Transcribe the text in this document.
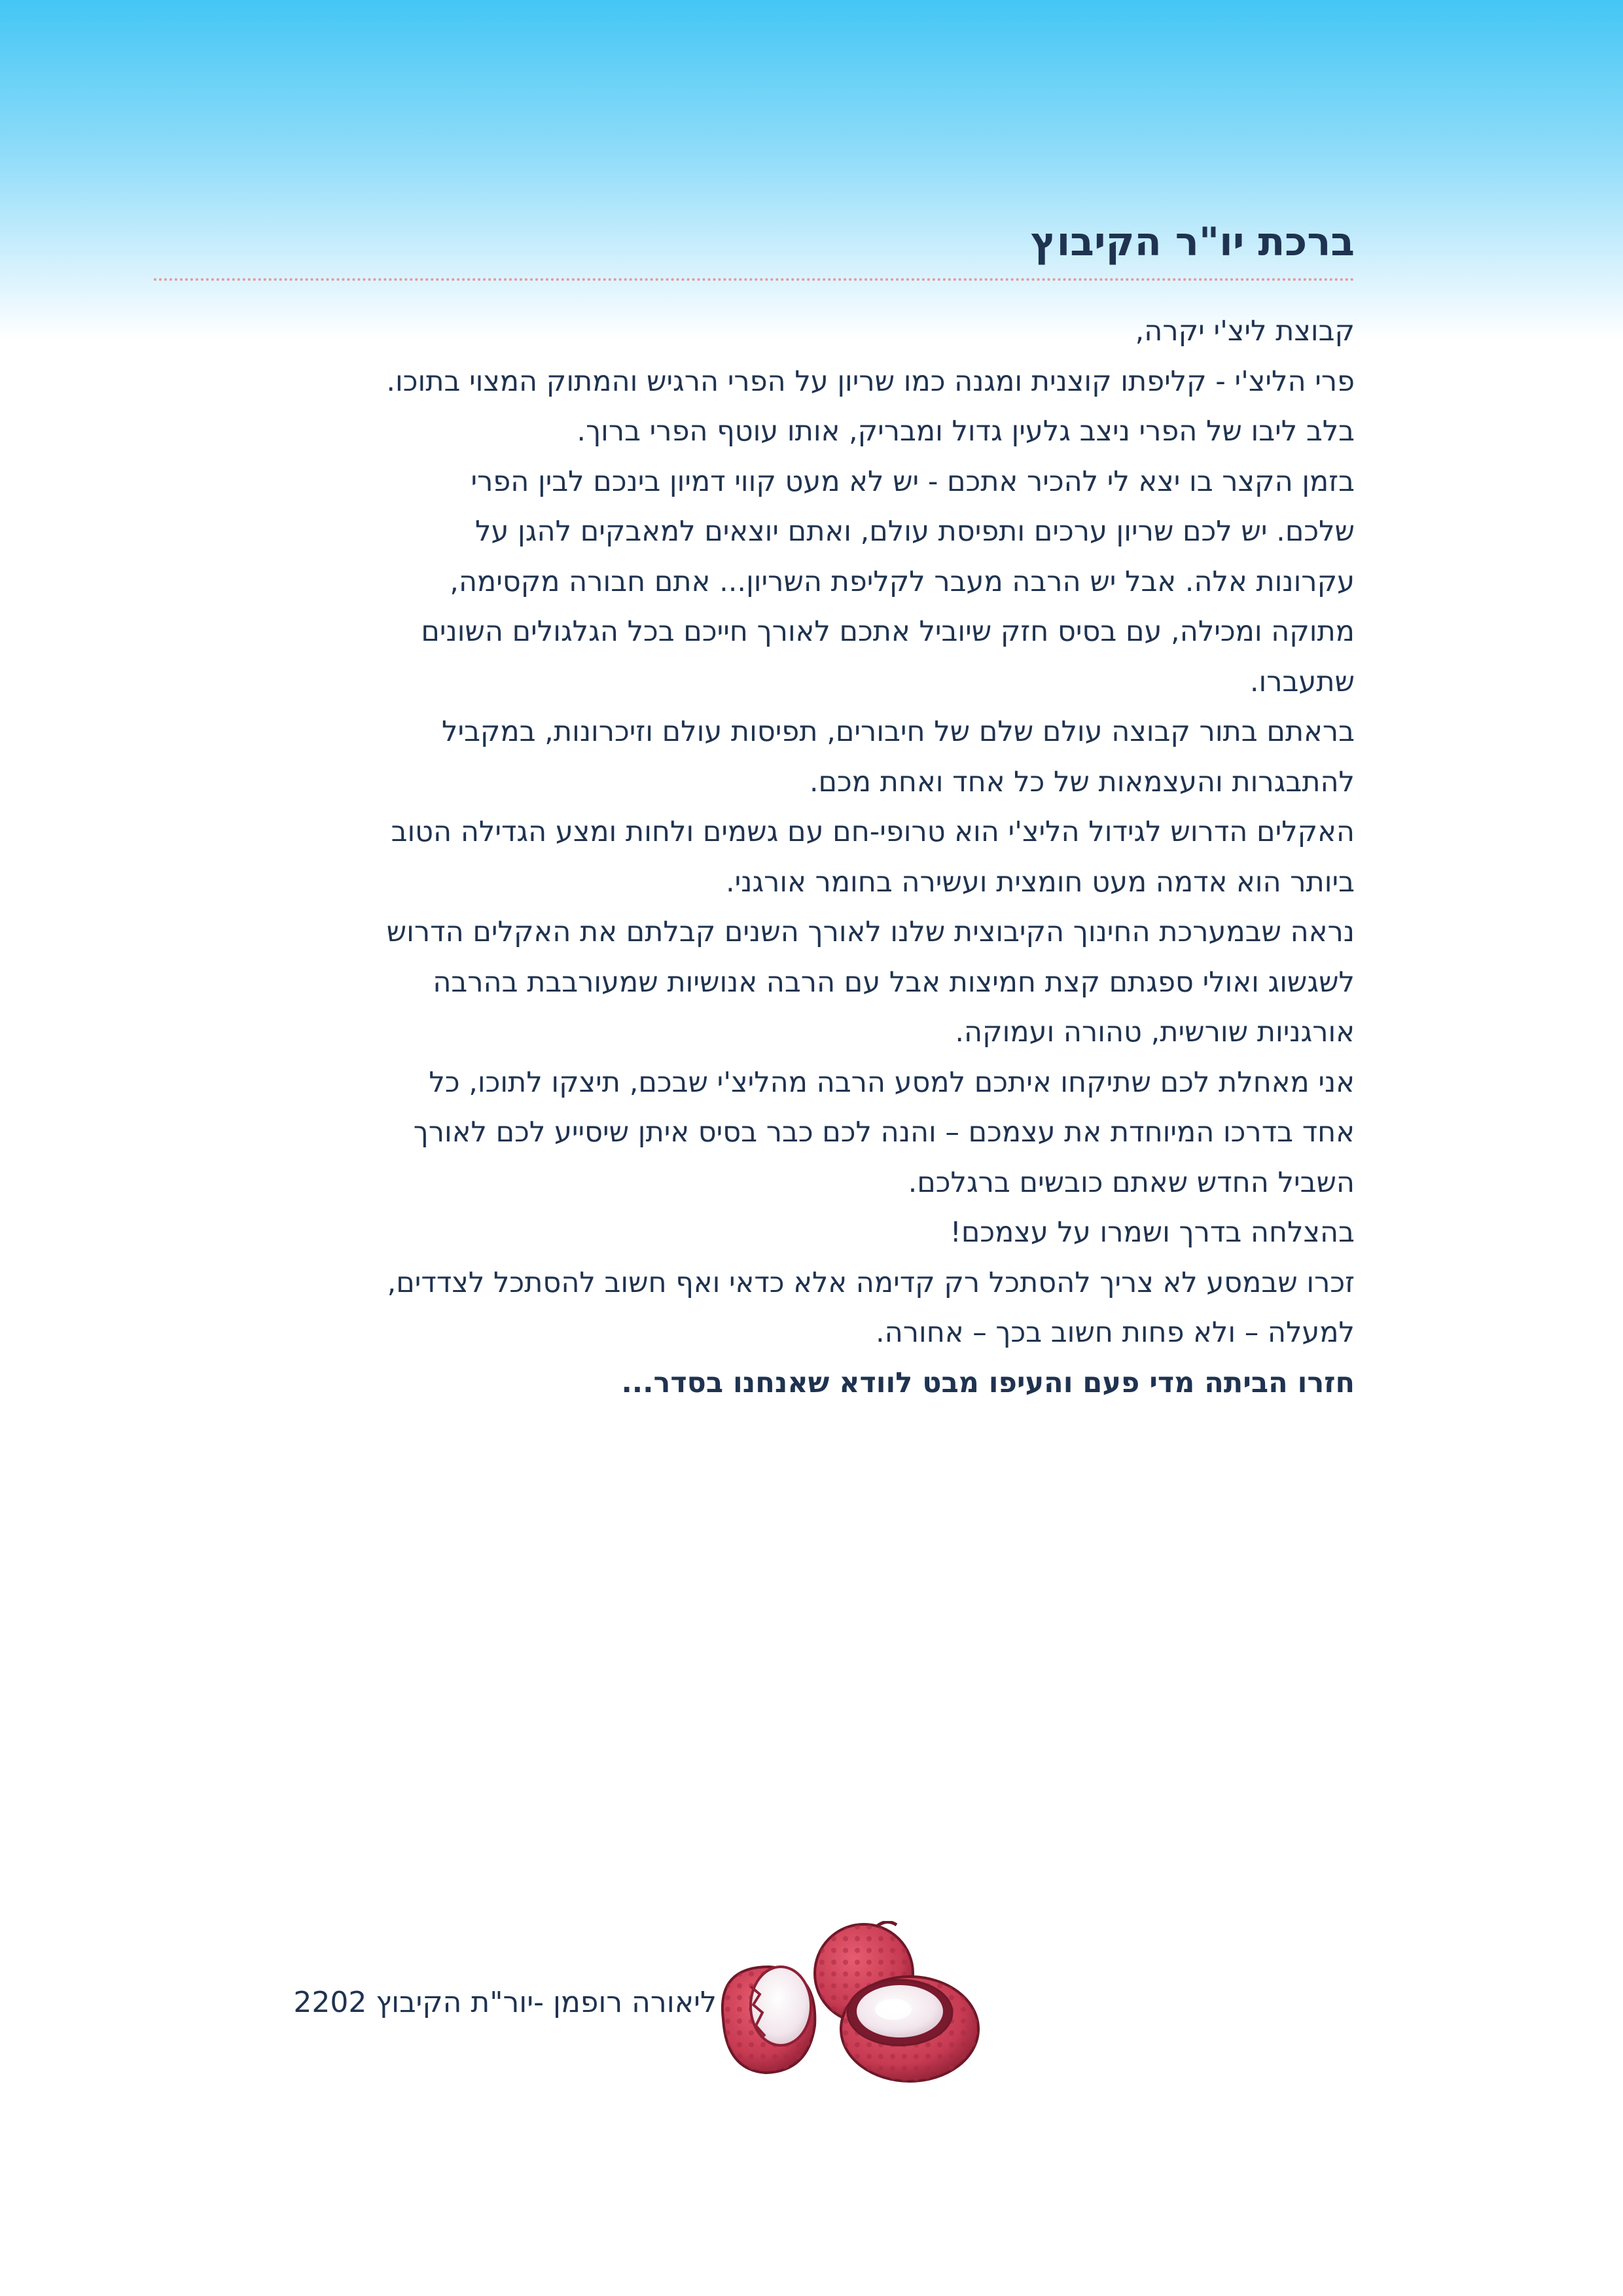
ברכת יו"ר הקיבוץ

קבוצת ליצ'י יקרה,

פרי הליצ'י - קליפתו קוצנית ומגנה כמו שריון על הפרי הרגיש והמתוק המצוי בתוכו. בלב ליבו של הפרי ניצב גלעין גדול ומבריק, אותו עוטף הפרי ברוך.

בזמן הקצר בו יצא לי להכיר אתכם - יש לא מעט קווי דמיון בינכם לבין הפרי שלכם. יש לכם שריון ערכים ותפיסת עולם, ואתם יוצאים למאבקים להגן על עקרונות אלה. אבל יש הרבה מעבר לקליפת השריון... אתם חבורה מקסימה, מתוקה ומכילה, עם בסיס חזק שיוביל אתכם לאורך חייכם בכל הגלגולים השונים שתעברו.

בראתם בתור קבוצה עולם שלם של חיבורים, תפיסות עולם וזיכרונות, במקביל להתבגרות והעצמאות של כל אחד ואחת מכם.

האקלים הדרוש לגידול הליצ'י הוא טרופי-חם עם גשמים ולחות ומצע הגדילה הטוב ביותר הוא אדמה מעט חומצית ועשירה בחומר אורגני.

נראה שבמערכת החינוך הקיבוצית שלנו לאורך השנים קבלתם את האקלים הדרוש לשגשוג ואולי ספגתם קצת חמיצות אבל עם הרבה אנושיות שמעורבבת בהרבה אורגניות שורשית, טהורה ועמוקה.

אני מאחלת לכם שתיקחו איתכם למסע הרבה מהליצ'י שבכם, תיצקו לתוכו, כל אחד בדרכו המיוחדת את עצמכם – והנה לכם כבר בסיס איתן שיסייע לכם לאורך השביל החדש שאתם כובשים ברגלכם.

בהצלחה בדרך ושמרו על עצמכם!

זכרו שבמסע לא צריך להסתכל רק קדימה אלא כדאי ואף חשוב להסתכל לצדדים, למעלה – ולא פחות חשוב בכך – אחורה.

חזרו הביתה מדי פעם והעיפו מבט לוודא שאנחנו בסדר...

ליאורה רופמן -יור"ת הקיבוץ 2202
